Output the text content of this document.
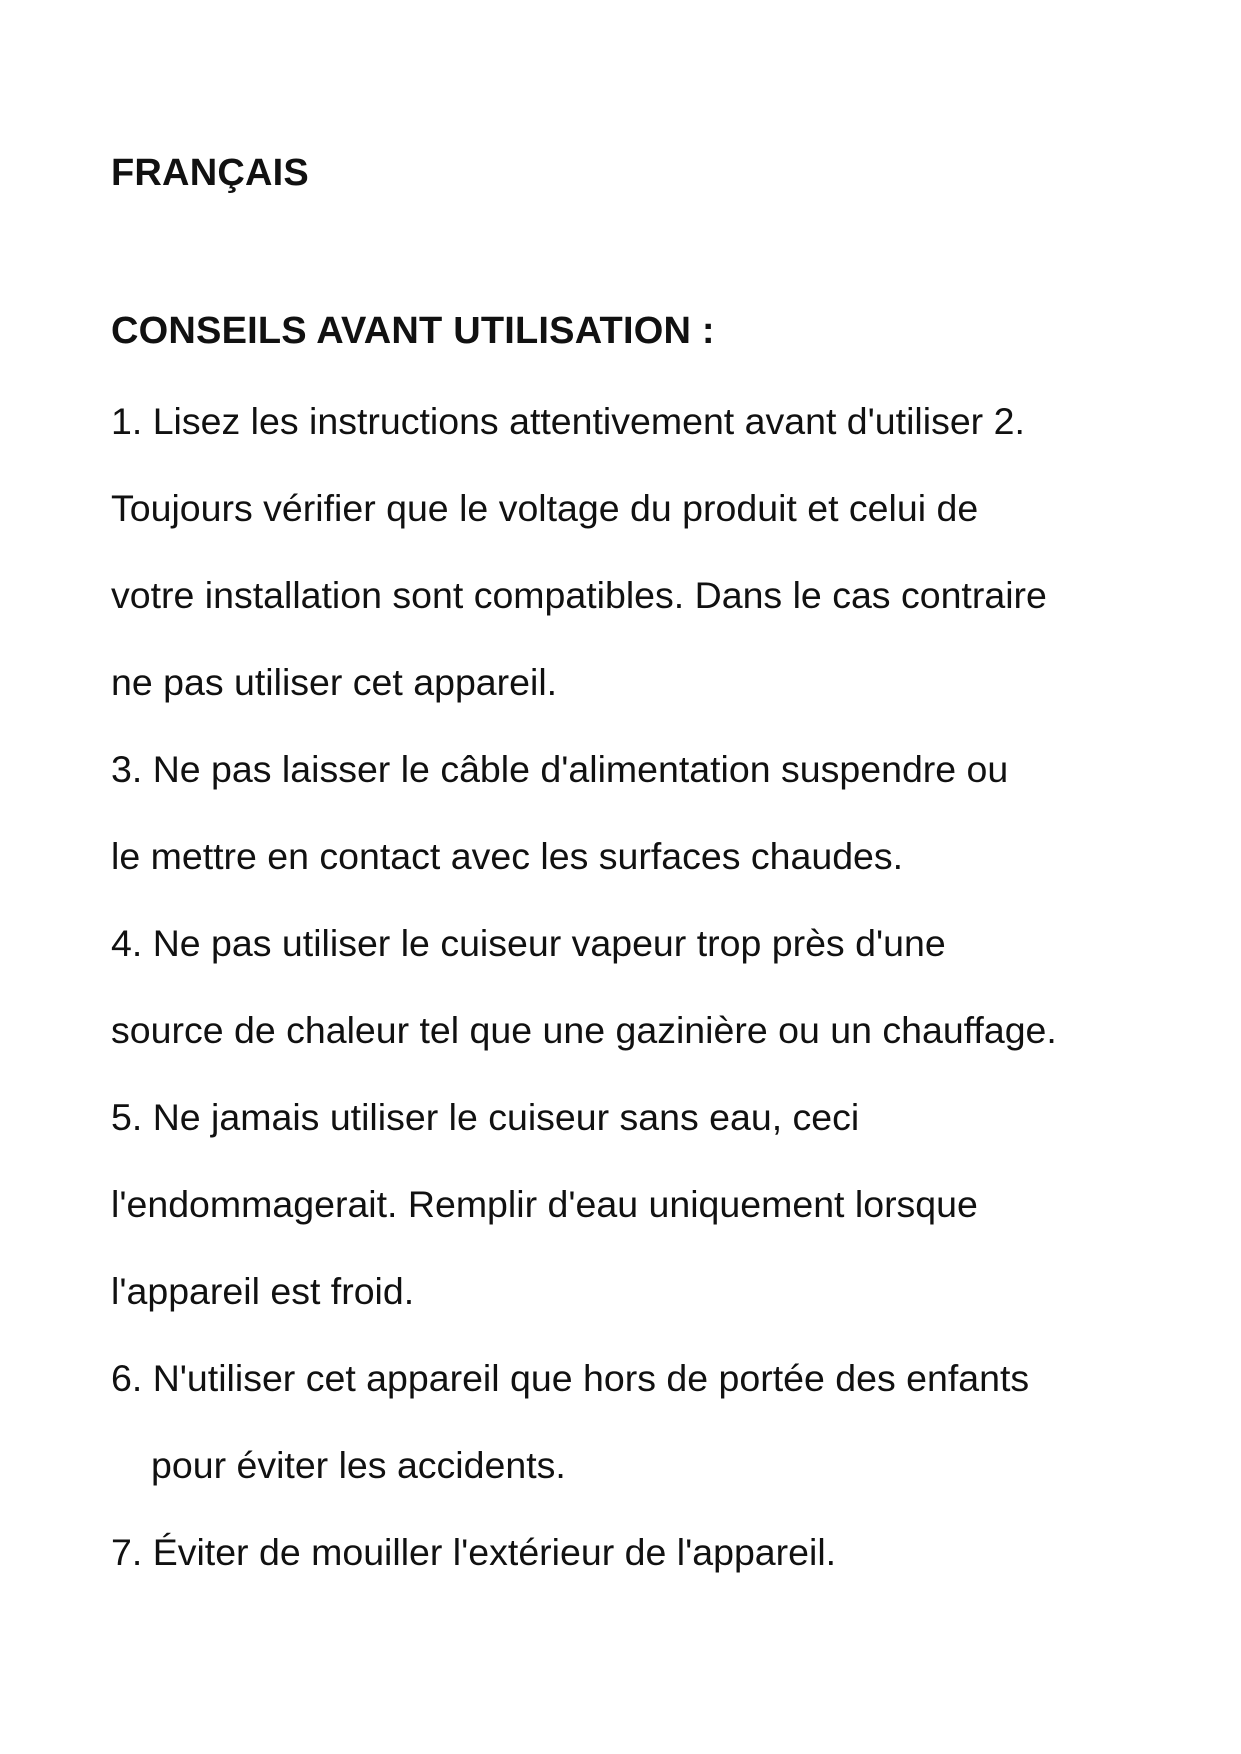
FRANÇAIS
CONSEILS AVANT UTILISATION :
1. Lisez les instructions attentivement avant d'utiliser 2.
Toujours vérifier que le voltage du produit et celui de
votre installation sont compatibles. Dans le cas contraire
ne pas utiliser cet appareil.
3. Ne pas laisser le câble d'alimentation suspendre ou
le mettre en contact avec les surfaces chaudes.
4. Ne pas utiliser le cuiseur vapeur trop près d'une
source de chaleur tel que une gazinière ou un chauffage.
5. Ne jamais utiliser le cuiseur sans eau, ceci
l'endommagerait. Remplir d'eau uniquement lorsque
l'appareil est froid.
6. N'utiliser cet appareil que hors de portée des enfants
pour éviter les accidents.
7. Éviter de mouiller l'extérieur de l'appareil.
